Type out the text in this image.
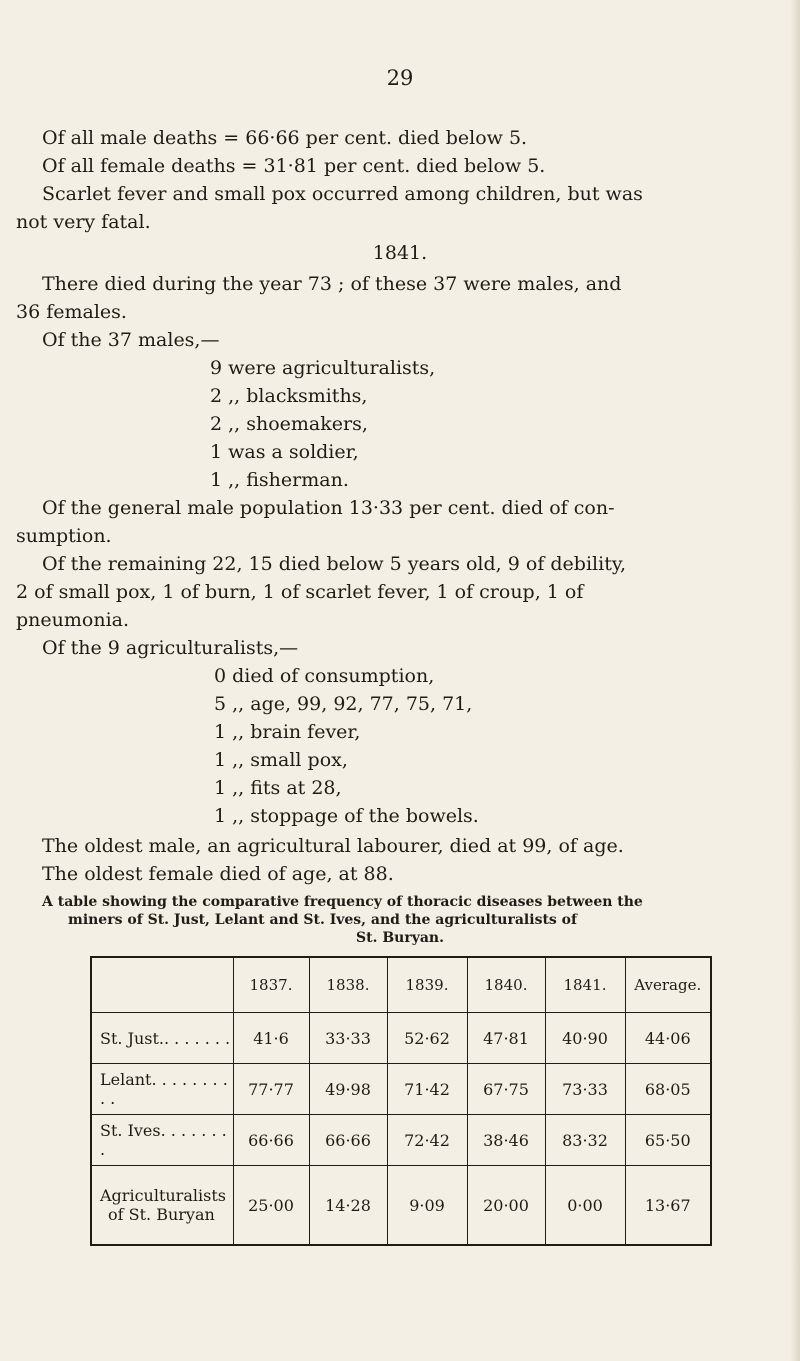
29
Of all male deaths = 66·66 per cent. died below 5.
Of all female deaths = 31·81 per cent. died below 5.
Scarlet fever and small pox occurred among children, but was
not very fatal.
1841.
There died during the year 73 ; of these 37 were males, and
36 females.
Of the 37 males,—
9 were agriculturalists,
2 ,, blacksmiths,
2 ,, shoemakers,
1 was a soldier,
1 ,, fisherman.
Of the general male population 13·33 per cent. died of con-
sumption.
Of the remaining 22, 15 died below 5 years old, 9 of debility,
2 of small pox, 1 of burn, 1 of scarlet fever, 1 of croup, 1 of
pneumonia.
Of the 9 agriculturalists,—
0 died of consumption,
5 ,, age, 99, 92, 77, 75, 71,
1 ,, brain fever,
1 ,, small pox,
1 ,, fits at 28,
1 ,, stoppage of the bowels.
The oldest male, an agricultural labourer, died at 99, of age.
The oldest female died of age, at 88.
A table showing the comparative frequency of thoracic diseases between the
miners of St. Just, Lelant and St. Ives, and the agriculturalists of
St. Buryan.
	1837.	1838.	1839.	1840.	1841.	Average.
St. Just.. . . . . . .	41·6	33·33	52·62	47·81	40·90	44·06
Lelant. . . . . . . . . .	77·77	49·98	71·42	67·75	73·33	68·05
St. Ives. . . . . . . .	66·66	66·66	72·42	38·46	83·32	65·50

Agriculturalists
of St. Buryan	25·00	14·28	9·09	20·00	0·00	13·67
